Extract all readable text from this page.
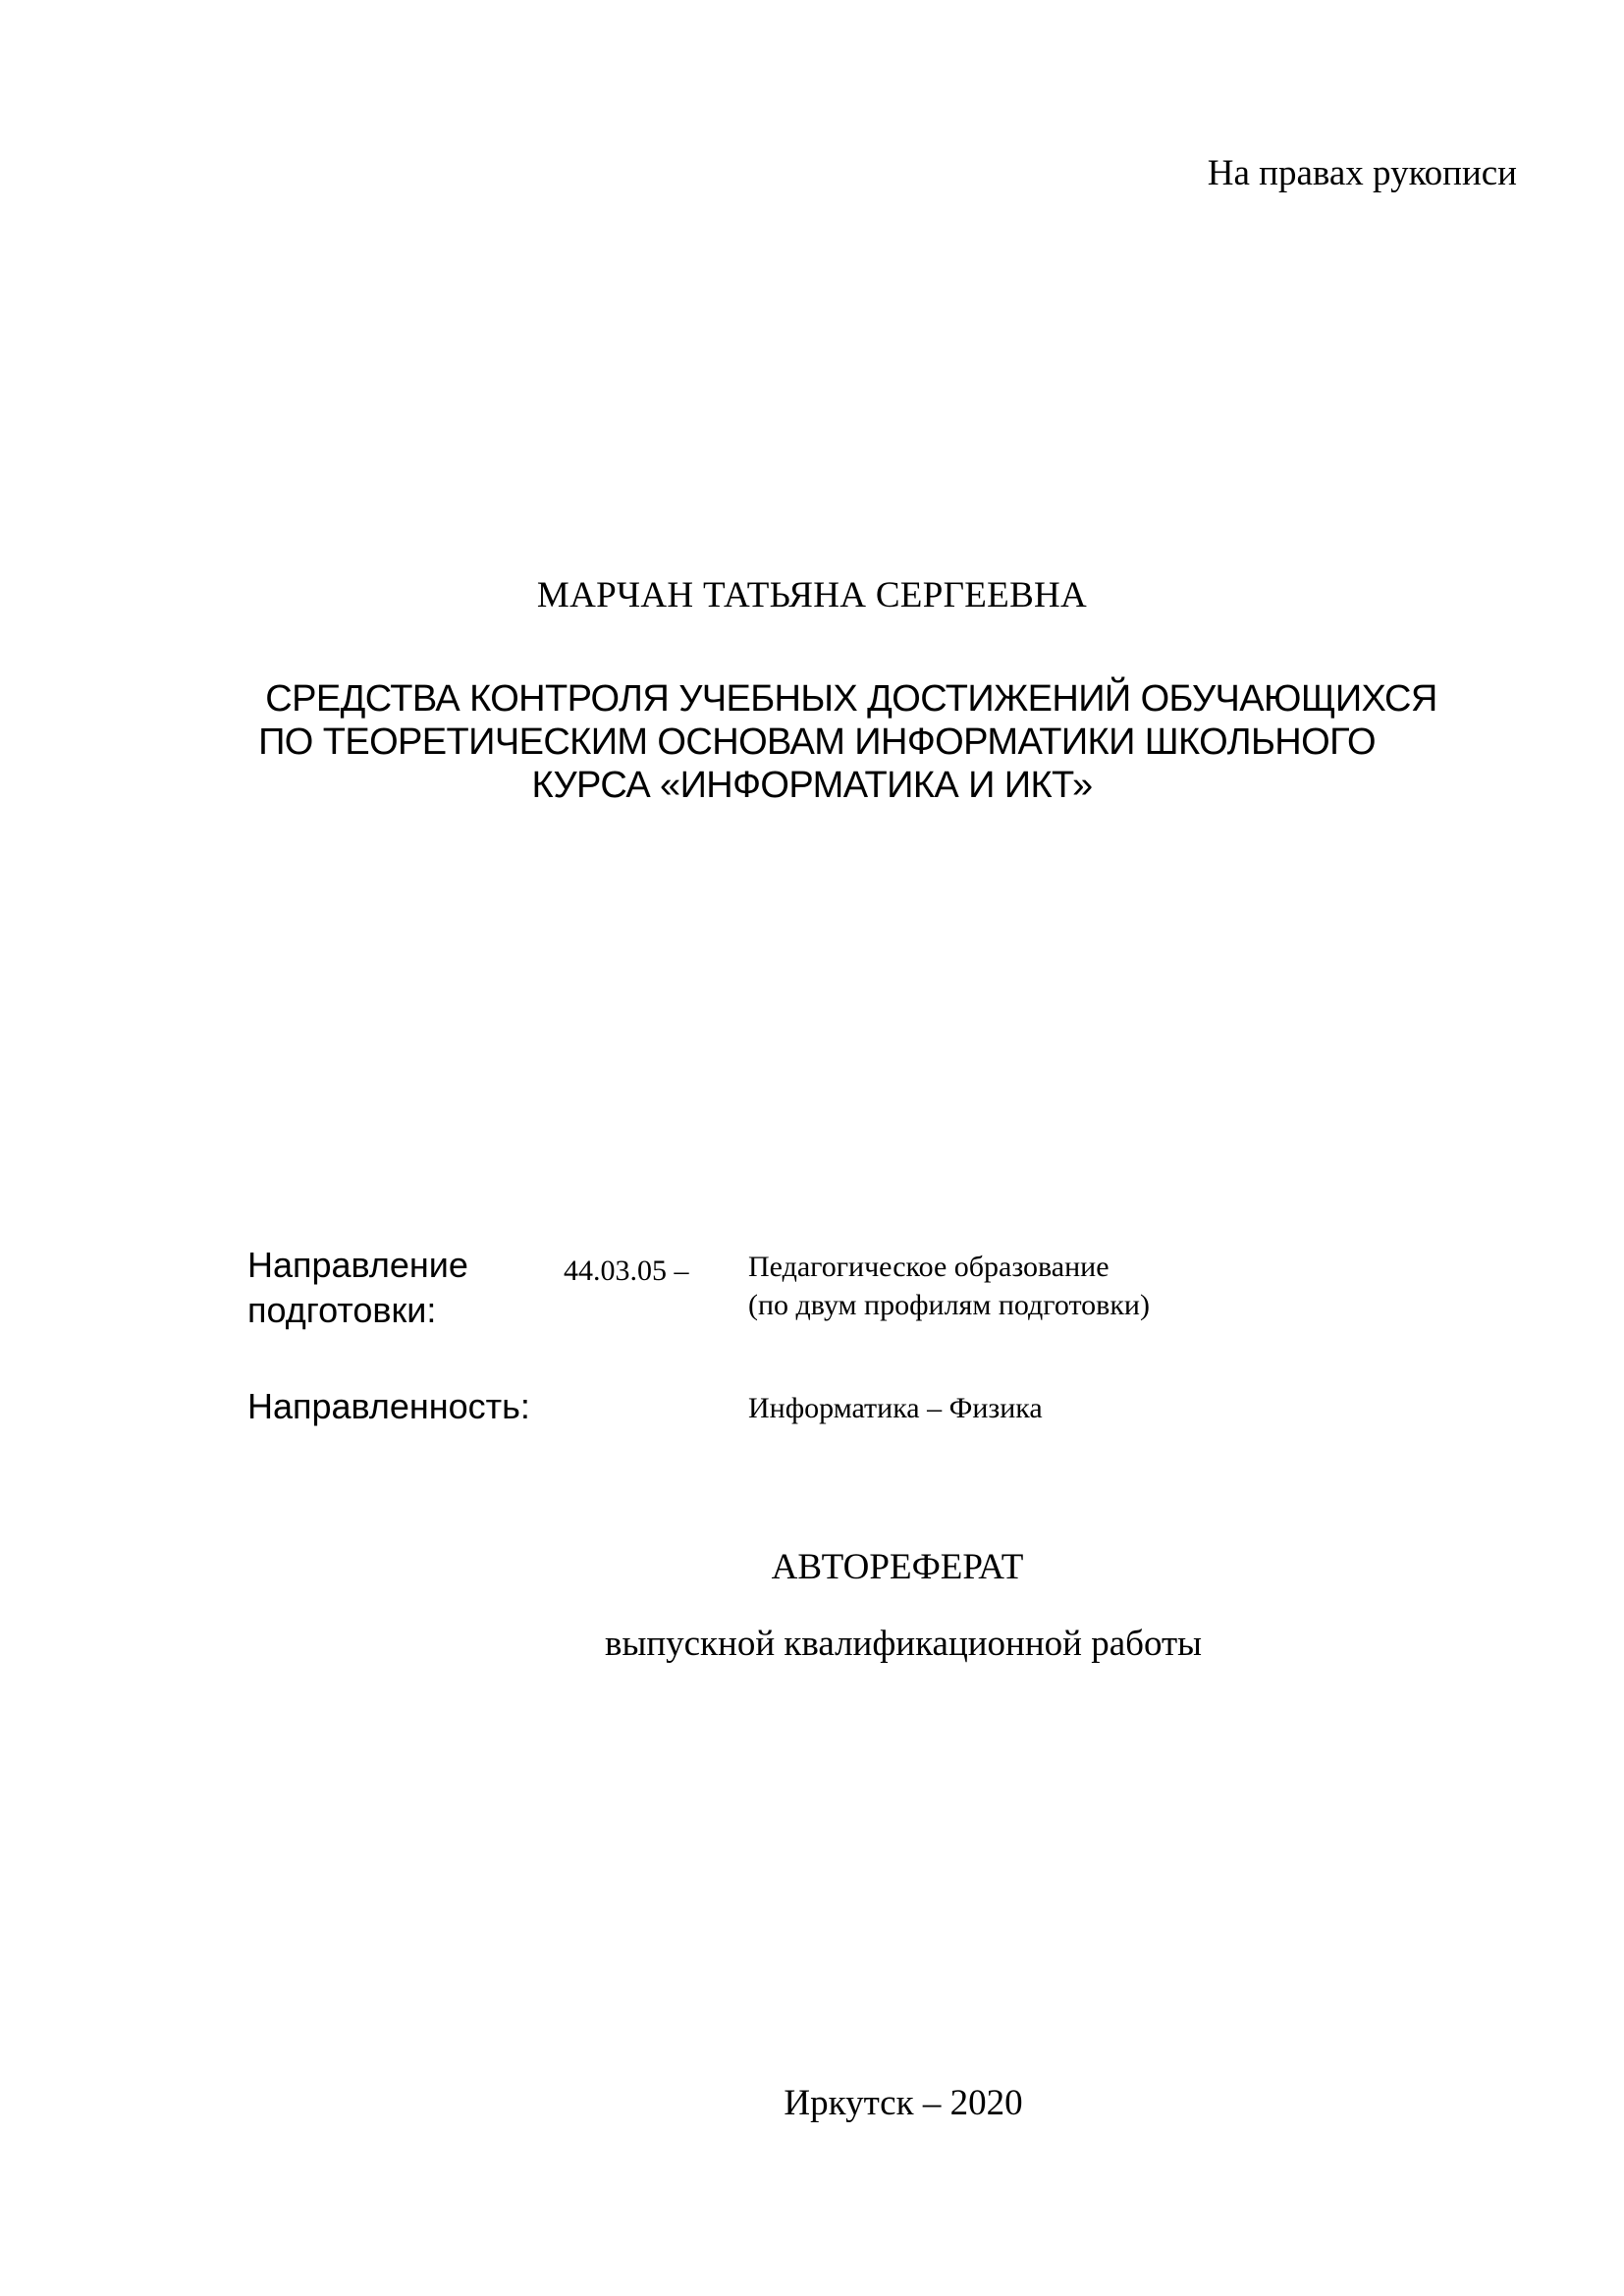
На правах рукописи
МАРЧАН ТАТЬЯНА СЕРГЕЕВНА
СРЕДСТВА КОНТРОЛЯ УЧЕБНЫХ ДОСТИЖЕНИЙ ОБУЧАЮЩИХСЯ
ПО ТЕОРЕТИЧЕСКИМ ОСНОВАМ ИНФОРМАТИКИ ШКОЛЬНОГО
КУРСА «ИНФОРМАТИКА И ИКТ»
Направление
подготовки:
44.03.05 – Педагогическое образование
(по двум профилям подготовки)
Направленность:	Информатика – Физика
АВТОРЕФЕРАТ
выпускной квалификационной работы
Иркутск – 2020
